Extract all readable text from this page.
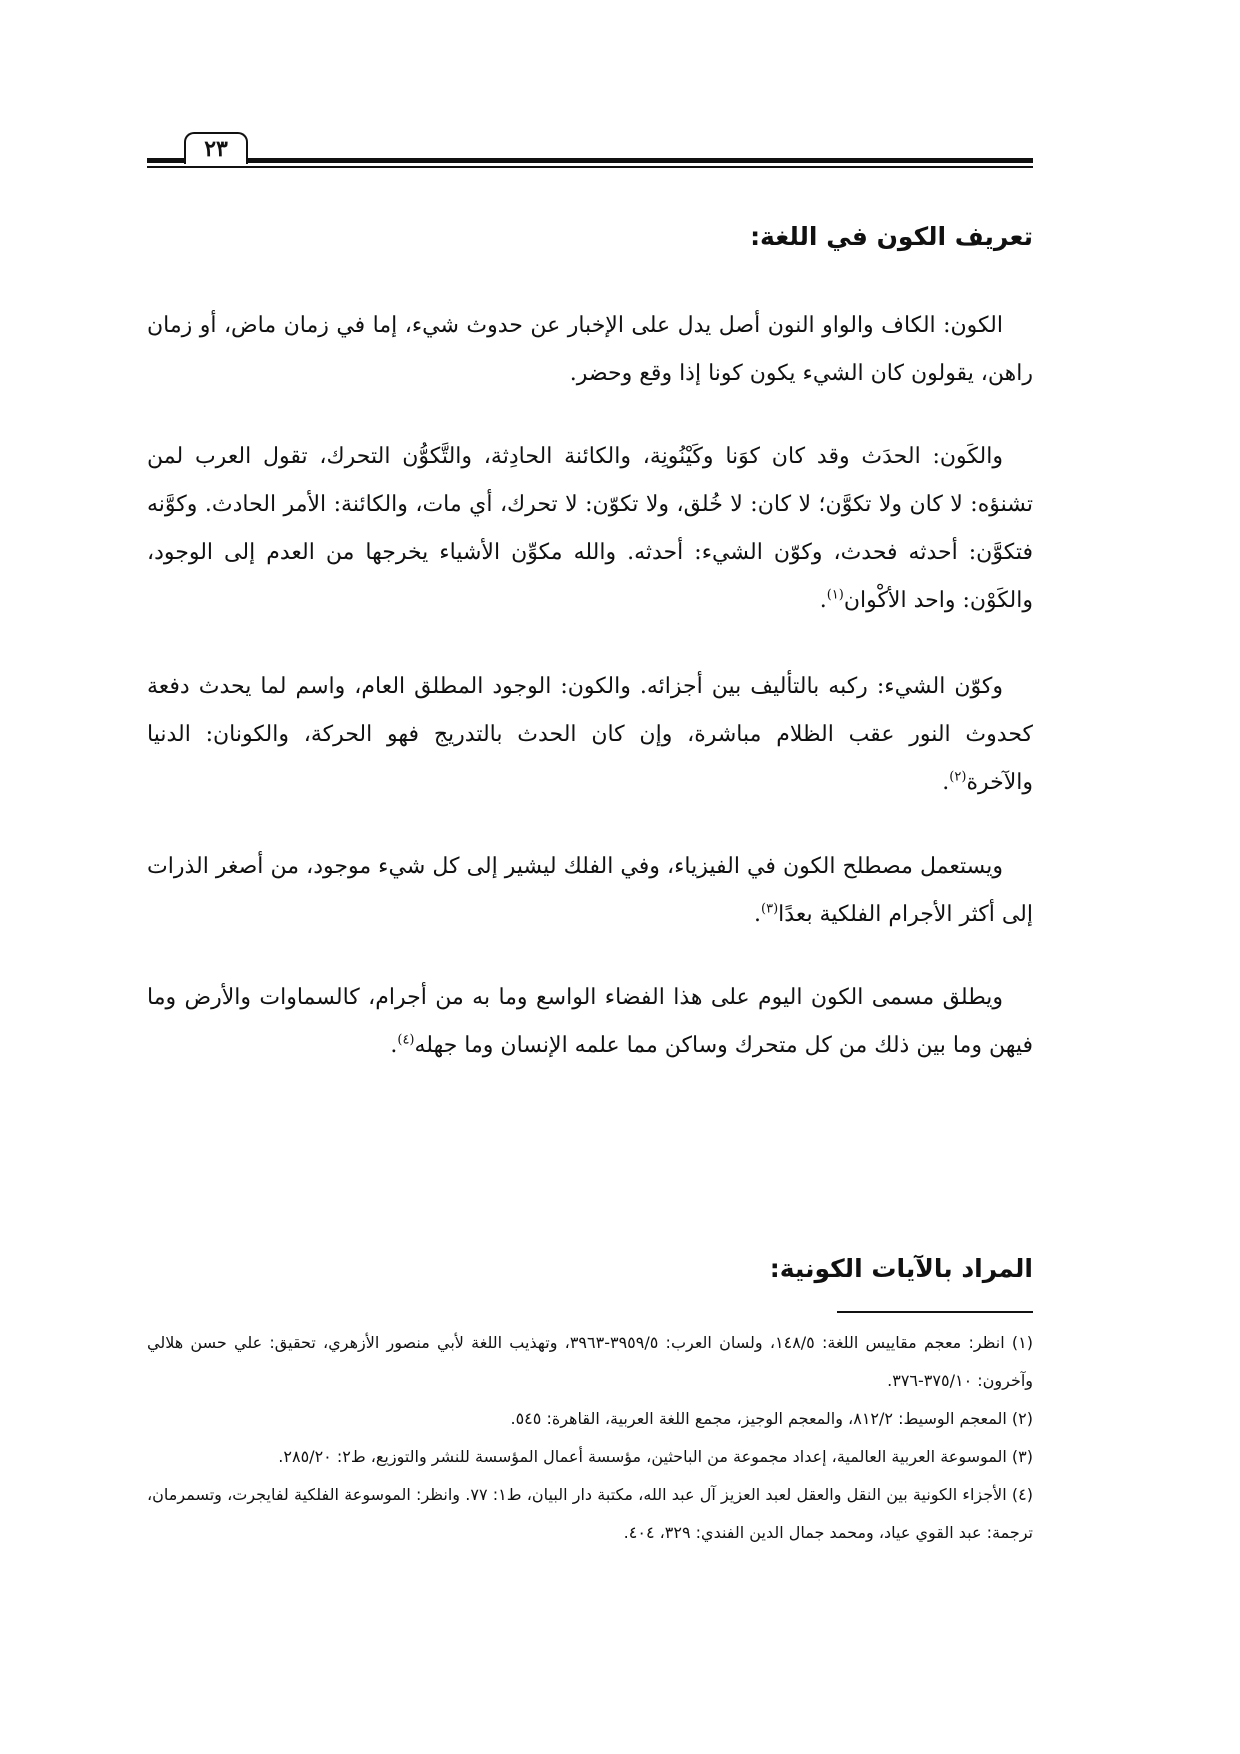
٢٣
تعريف الكون في اللغة:

الكون: الكاف والواو النون أصل يدل على الإخبار عن حدوث شيء، إما في زمان ماض، أو زمان راهن، يقولون كان الشيء يكون كونا إذا وقع وحضر.

والكَون: الحدَث وقد كان كوَنا وكَيْنُونِة، والكائنة الحادِثة، والتَّكوُّن التحرك، تقول العرب لمن تشنؤه: لا كان ولا تكوَّن؛ لا كان: لا خُلق، ولا تكوّن: لا تحرك، أي مات، والكائنة: الأمر الحادث. وكوَّنه فتكوَّن: أحدثه فحدث، وكوّن الشيء: أحدثه. والله مكوِّن الأشياء يخرجها من العدم إلى الوجود، والكَوْن: واحد الأكْوان$^{(١)}$.

وكوّن الشيء: ركبه بالتأليف بين أجزائه. والكون: الوجود المطلق العام، واسم لما يحدث دفعة كحدوث النور عقب الظلام مباشرة، وإن كان الحدث بالتدريج فهو الحركة، والكونان: الدنيا والآخرة$^{(٢)}$.

ويستعمل مصطلح الكون في الفيزياء، وفي الفلك ليشير إلى كل شيء موجود، من أصغر الذرات إلى أكثر الأجرام الفلكية بعدًا$^{(٣)}$.

ويطلق مسمى الكون اليوم على هذا الفضاء الواسع وما به من أجرام، كالسماوات والأرض وما فيهن وما بين ذلك من كل متحرك وساكن مما علمه الإنسان وما جهله$^{(٤)}$.

المراد بالآيات الكونية:
(١) انظر: معجم مقاييس اللغة: ١٤٨/٥، ولسان العرب: ٣٩٥٩/٥-٣٩٦٣، وتهذيب اللغة لأبي منصور الأزهري، تحقيق: علي حسن هلالي وآخرون: ٣٧٥/١٠-٣٧٦.
(٢) المعجم الوسيط: ٨١٢/٢، والمعجم الوجيز، مجمع اللغة العربية، القاهرة: ٥٤٥.
(٣) الموسوعة العربية العالمية، إعداد مجموعة من الباحثين، مؤسسة أعمال المؤسسة للنشر والتوزيع، ط٢: ٢٨٥/٢٠.
(٤) الأجزاء الكونية بين النقل والعقل لعبد العزيز آل عبد الله، مكتبة دار البيان، ط١: ٧٧. وانظر: الموسوعة الفلكية لفايجرت، وتسمرمان، ترجمة: عبد القوي عياد، ومحمد جمال الدين الفندي: ٣٢٩، ٤٠٤.
